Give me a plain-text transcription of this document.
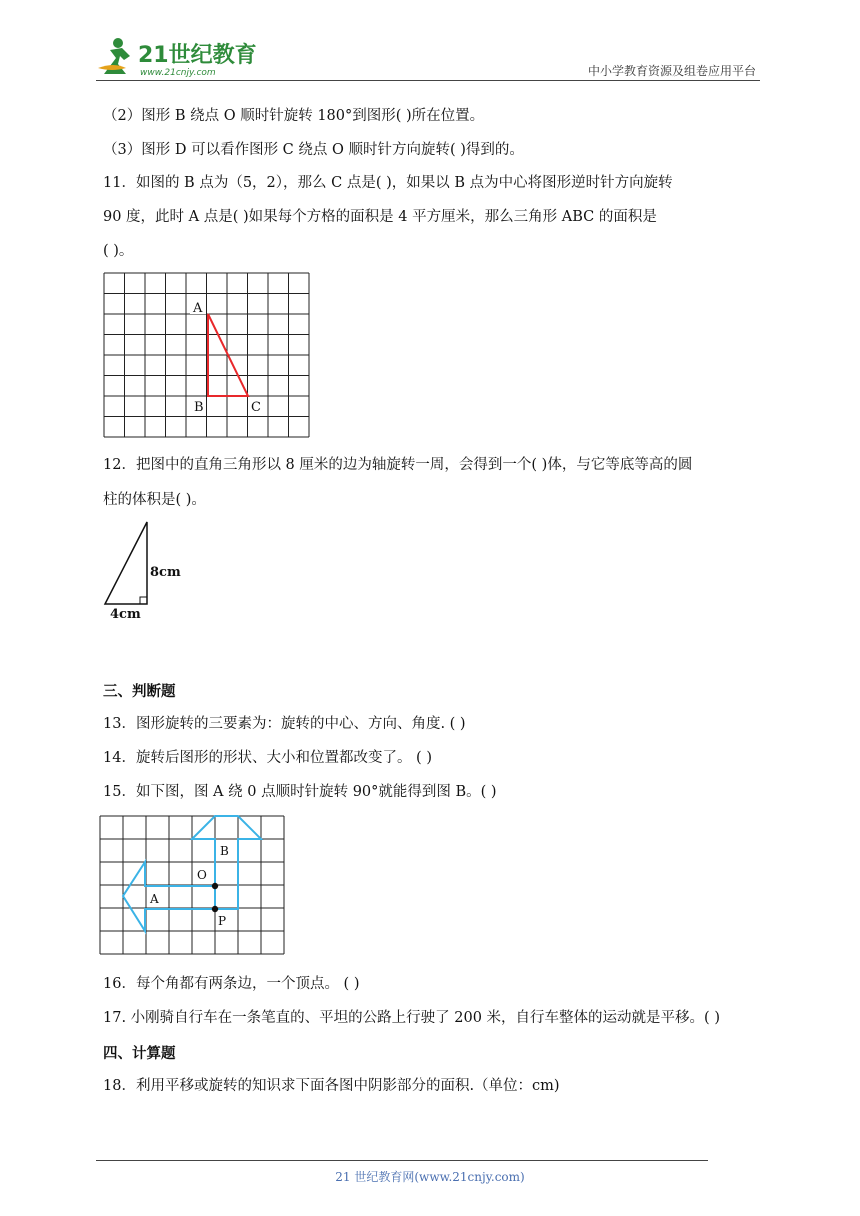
21世纪教育
www.21cnjy.com	中小学教育资源及组卷应用平台
（2）图形 B 绕点 O 顺时针旋转 180°到图形( )所在位置。
（3）图形 D 可以看作图形 C 绕点 O 顺时针方向旋转( )得到的。
11．如图的 B 点为（5，2），那么 C 点是( )，如果以 B 点为中心将图形逆时针方向旋转
90 度，此时 A 点是( )如果每个方格的面积是 4 平方厘米，那么三角形 ABC 的面积是
( )。
A
B	C
12．把图中的直角三角形以 8 厘米的边为轴旋转一周，会得到一个( )体，与它等底等高的圆
柱的体积是( )。
8cm
4cm
三、判断题
13．图形旋转的三要素为：旋转的中心、方向、角度. ( )
14．旋转后图形的形状、大小和位置都改变了。 ( )
15．如下图，图 A 绕 0 点顺时针旋转 90°就能得到图 B。( )
B
O
A
P
16．每个角都有两条边，一个顶点。 ( )
17. 小刚骑自行车在一条笔直的、平坦的公路上行驶了 200 米，自行车整体的运动就是平移。( )
四、计算题
18．利用平移或旋转的知识求下面各图中阴影部分的面积.（单位：cm)
21 世纪教育网(www.21cnjy.com)
